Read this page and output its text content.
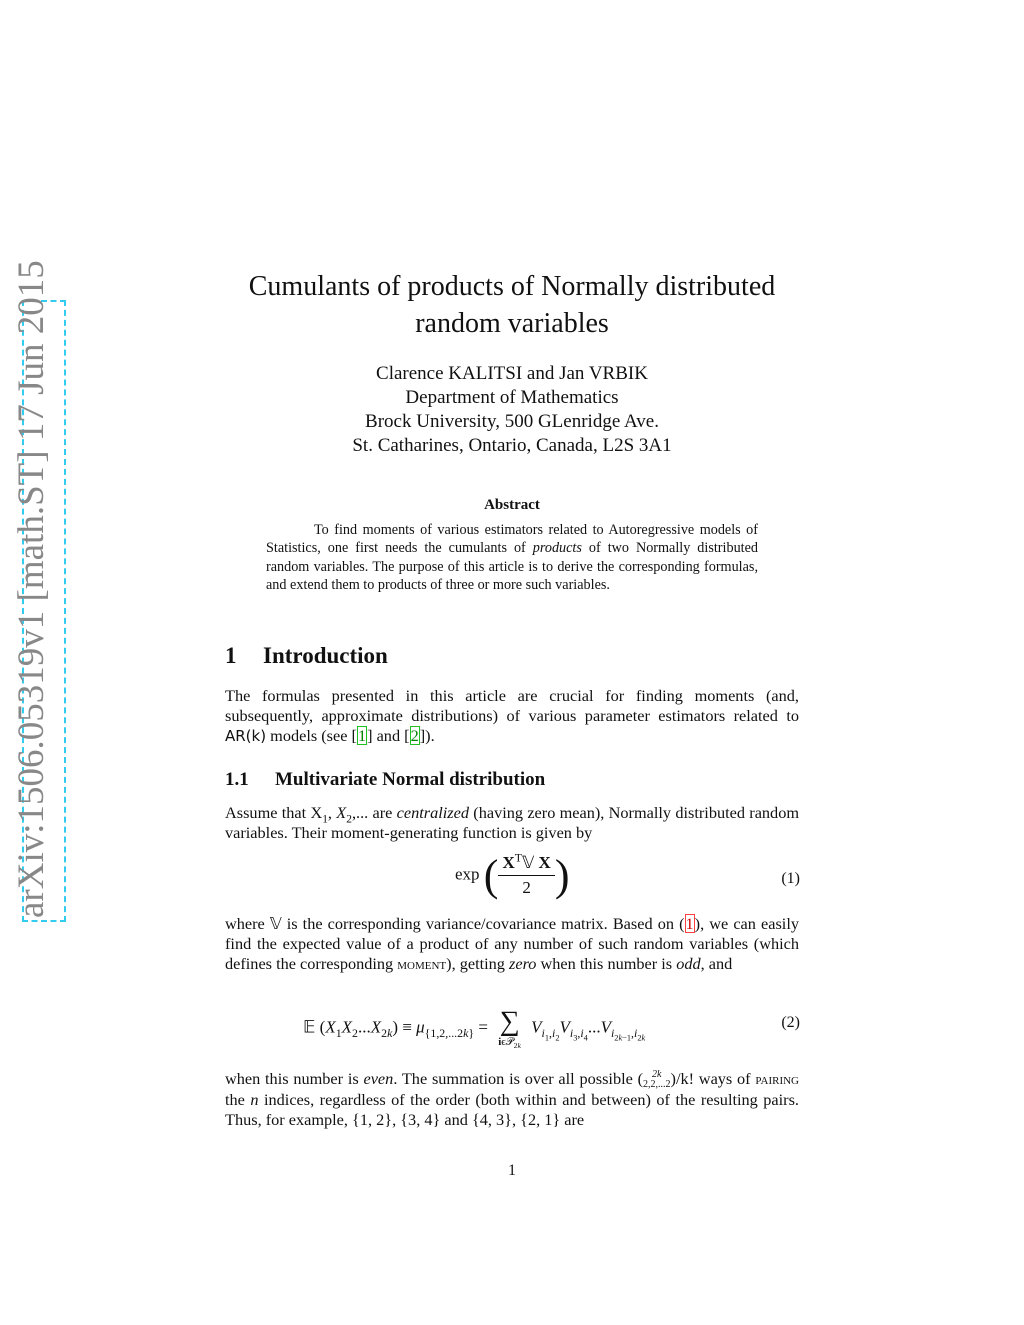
arXiv:1506.05319v1 [math.ST] 17 Jun 2015	Cumulants of products of Normally distributed
random variables
Clarence KALITSI and Jan VRBIK
Department of Mathematics
Brock University, 500 GLenridge Ave.
St. Catharines, Ontario, Canada, L2S 3A1
Abstract

To find moments of various estimators related to Autoregressive models of Statistics, one first needs the cumulants of products of two Normally distributed random variables. The purpose of this article is to derive the corresponding formulas, and extend them to products of three or more such variables.

1 Introduction

The formulas presented in this article are crucial for finding moments (and, subsequently, approximate distributions) of various parameter estimators related to AR(k) models (see [1] and [2]).

1.1 Multivariate Normal distribution

Assume that $X_1$, $X_2$,... are centralized (having zero mean), Normally distributed random variables. Their moment-generating function is given by

exp ( $\frac{X^T𝕍 X}{2}$ )	(1)

where 𝕍 is the corresponding variance/covariance matrix. Based on (1), we can easily find the expected value of a product of any number of such random variables (which defines the corresponding moment), getting zero when this number is odd, and

𝔼 $(X_1X_2...X_{2k}) \equiv \mu_{\{1,2,...2k\}}$ = ∑
iϵ𝒫$_{2k}$
$V_{i_1,i_2}V_{i_3,i_4}...V_{i_{2k-1},i_{2k}}$
(2)

when this number is even. The summation is over all possible ( 2k
2,2,...2 )/k! ways of pairing the n indices, regardless of the order (both within and between) of the resulting pairs. Thus, for example, {1, 2}, {3, 4} and {4, 3}, {2, 1} are

1
